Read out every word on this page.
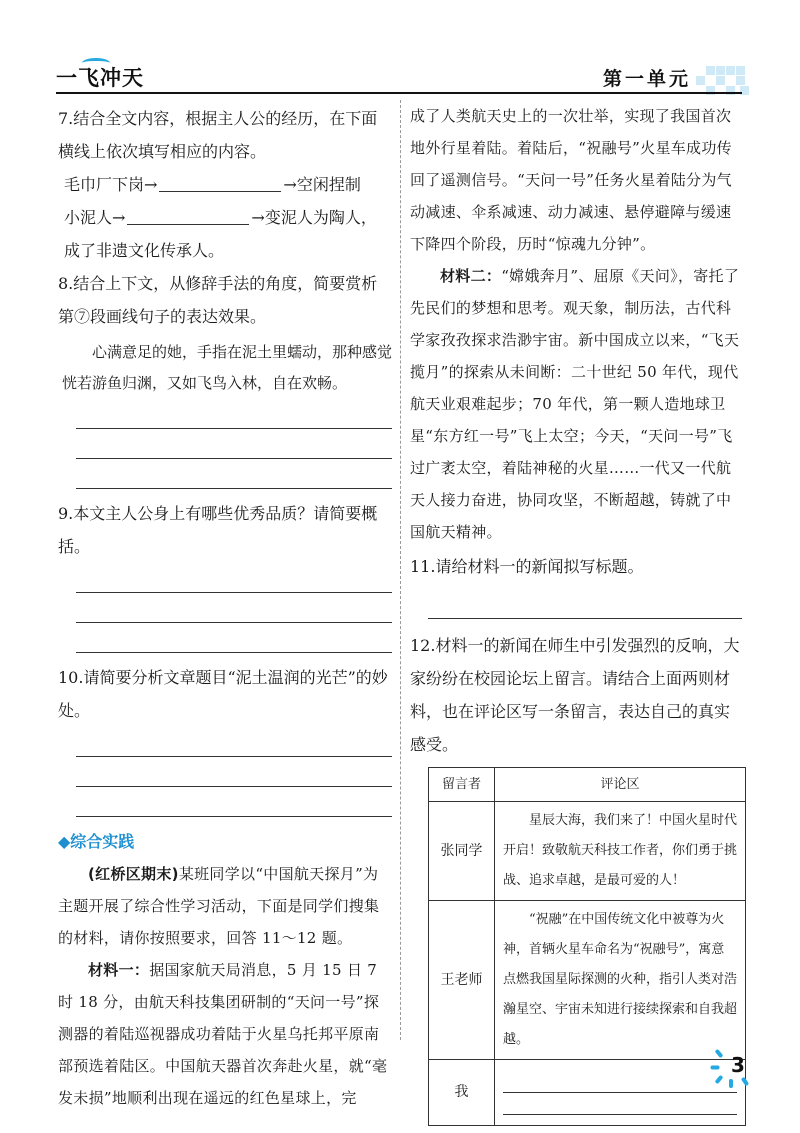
一飞冲天	第一单元
7.结合全文内容，根据主人公的经历，在下面横线上依次填写相应的内容。
毛巾厂下岗→	→空闲捏制
小泥人→	→变泥人为陶人，
成了非遗文化传承人。
8.结合上下文，从修辞手法的角度，简要赏析第⑦段画线句子的表达效果。
心满意足的她，手指在泥土里蠕动，那种感觉恍若游鱼归渊，又如飞鸟入林，自在欢畅。
9.本文主人公身上有哪些优秀品质？请简要概括。
10.请简要分析文章题目“泥土温润的光芒”的妙处。
◆综合实践
(红桥区期末)某班同学以“中国航天探月”为主题开展了综合性学习活动，下面是同学们搜集的材料，请你按照要求，回答 11～12 题。
材料一：据国家航天局消息，5 月 15 日 7 时 18 分，由航天科技集团研制的“天问一号”探测器的着陆巡视器成功着陆于火星乌托邦平原南部预选着陆区。中国航天器首次奔赴火星，就“毫发未损”地顺利出现在遥远的红色星球上，完
成了人类航天史上的一次壮举，实现了我国首次地外行星着陆。着陆后，“祝融号”火星车成功传回了遥测信号。“天问一号”任务火星着陆分为气动减速、伞系减速、动力减速、悬停避障与缓速下降四个阶段，历时“惊魂九分钟”。
材料二：“嫦娥奔月”、屈原《天问》，寄托了先民们的梦想和思考。观天象，制历法，古代科学家孜孜探求浩渺宇宙。新中国成立以来，“飞天揽月”的探索从未间断：二十世纪 50 年代，现代航天业艰难起步；70 年代，第一颗人造地球卫星“东方红一号”飞上太空；今天，“天问一号”飞过广袤太空，着陆神秘的火星……一代又一代航天人接力奋进，协同攻坚，不断超越，铸就了中国航天精神。
11.请给材料一的新闻拟写标题。
12.材料一的新闻在师生中引发强烈的反响，大家纷纷在校园论坛上留言。请结合上面两则材料，也在评论区写一条留言，表达自己的真实感受。
留言者	评论区
张同学	星辰大海，我们来了！中国火星时代开启！致敬航天科技工作者，你们勇于挑战、追求卓越，是最可爱的人！
王老师	“祝融”在中国传统文化中被尊为火神，首辆火星车命名为“祝融号”，寓意点燃我国星际探测的火种，指引人类对浩瀚星空、宇宙未知进行接续探索和自我超越。
我	
3
